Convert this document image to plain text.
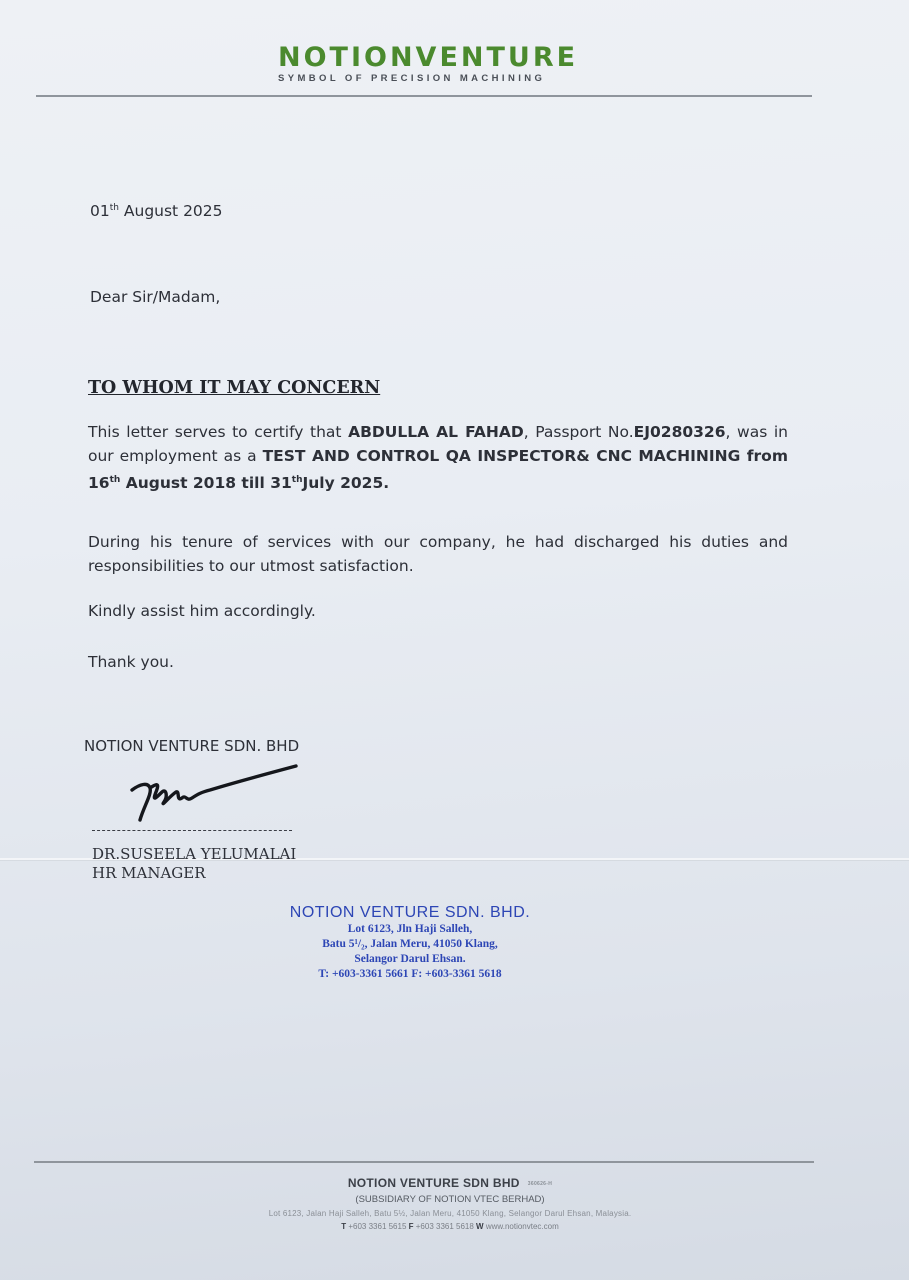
NOTIONVENTURE
SYMBOL OF PRECISION MACHINING
01th August 2025
Dear Sir/Madam,
TO WHOM IT MAY CONCERN
This letter serves to certify that ABDULLA AL FAHAD, Passport No.EJ0280326, was in our employment as a TEST AND CONTROL QA INSPECTOR& CNC MACHINING from 16th August 2018 till 31thJuly 2025.
During his tenure of services with our company, he had discharged his duties and responsibilities to our utmost satisfaction.
Kindly assist him accordingly.
Thank you.
NOTION VENTURE SDN. BHD
DR.SUSEELA YELUMALAI
HR MANAGER
NOTION VENTURE SDN. BHD.
Lot 6123, Jln Haji Salleh,
Batu 5¹/₂, Jalan Meru, 41050 Klang,
Selangor Darul Ehsan.
T: +603-3361 5661 F: +603-3361 5618
NOTION VENTURE SDN BHD 360626-H
(SUBSIDIARY OF NOTION VTEC BERHAD)
Lot 6123, Jalan Haji Salleh, Batu 5½, Jalan Meru, 41050 Klang, Selangor Darul Ehsan, Malaysia.
T +603 3361 5615 F +603 3361 5618 W www.notionvtec.com
